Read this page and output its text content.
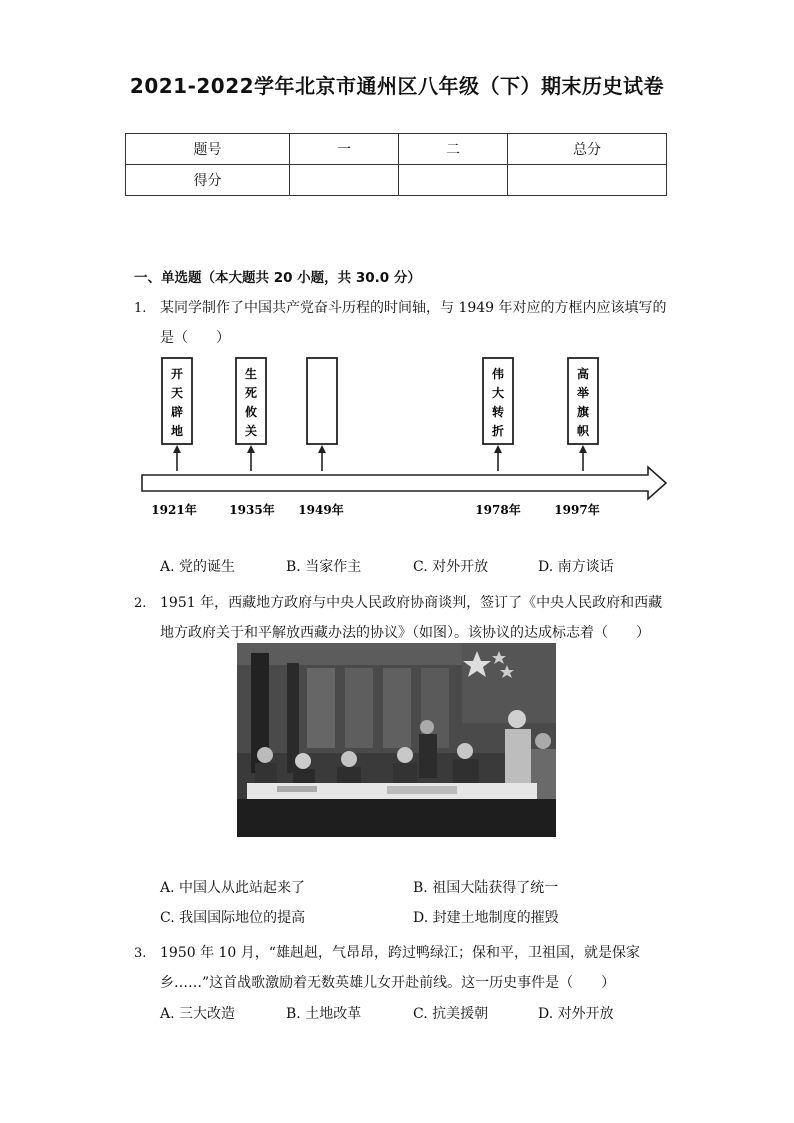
2021-2022学年北京市通州区八年级（下）期末历史试卷
题号	一	二	总分
得分			
一、单选题（本大题共 20 小题，共 30.0 分）
1. 某同学制作了中国共产党奋斗历程的时间轴，与 1949 年对应的方框内应该填写的
是（　　）
开天辟地
生死攸关
伟大转折
高举旗帜
1921年	1935年 1949年	1978年	1997年
A. 党的诞生	B. 当家作主	C. 对外开放	D. 南方谈话
2. 1951 年，西藏地方政府与中央人民政府协商谈判，签订了《中央人民政府和西藏
地方政府关于和平解放西藏办法的协议》（如图）。该协议的达成标志着（　　）
A. 中国人从此站起来了	B. 祖国大陆获得了统一
C. 我国国际地位的提高	D. 封建土地制度的摧毁
3. 1950 年 10 月，“雄赳赳，气昂昂，跨过鸭绿江；保和平，卫祖国，就是保家
乡……”这首战歌激励着无数英雄儿女开赴前线。这一历史事件是（　　）
A. 三大改造	B. 土地改革	C. 抗美援朝	D. 对外开放
